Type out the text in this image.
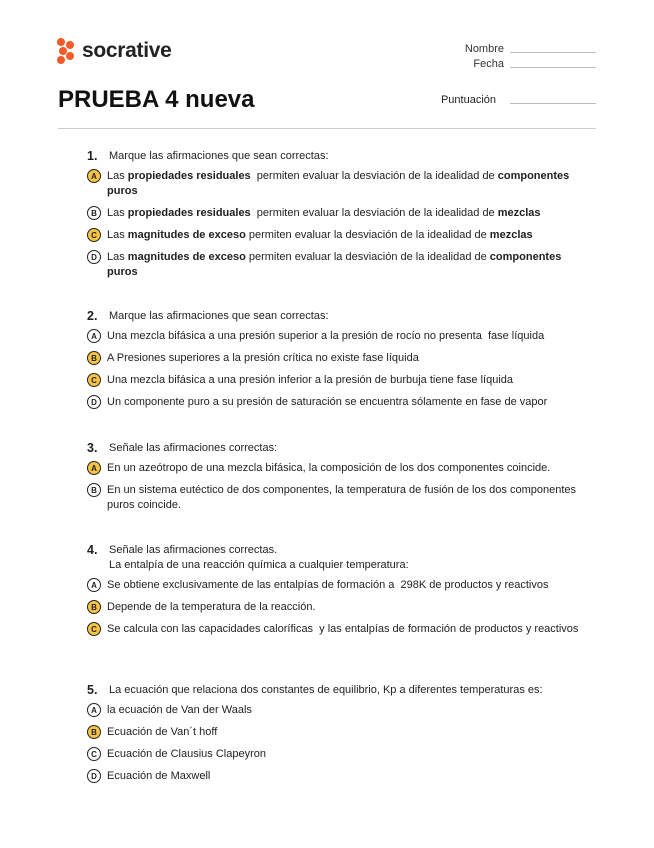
socrative	Nombre
Fecha
PRUEBA 4 nueva	Puntuación
1.	Marque las afirmaciones que sean correctas:
A Las propiedades residuales  permiten evaluar la desviación de la idealidad de componentes puros
B Las propiedades residuales  permiten evaluar la desviación de la idealidad de mezclas
C Las magnitudes de exceso permiten evaluar la desviación de la idealidad de mezclas
D Las magnitudes de exceso permiten evaluar la desviación de la idealidad de componentes puros
2.	Marque las afirmaciones que sean correctas:
A Una mezcla bifásica a una presión superior a la presión de rocío no presenta  fase líquida
B A Presiones superiores a la presión crítica no existe fase líquida
C Una mezcla bifásica a una presión inferior a la presión de burbuja tiene fase líquida
D Un componente puro a su presión de saturación se encuentra sólamente en fase de vapor
3.	Señale las afirmaciones correctas:
A En un azeótropo de una mezcla bifásica, la composición de los dos componentes coincide.
B En un sistema eutéctico de dos componentes, la temperatura de fusión de los dos componentes puros coincide.
4.	Señale las afirmaciones correctas.
La entalpía de una reacción química a cualquier temperatura:
A Se obtiene exclusivamente de las entalpías de formación a  298K de productos y reactivos
B Depende de la temperatura de la reacción.
C Se calcula con las capacidades caloríficas  y las entalpías de formación de productos y reactivos
5.	La ecuación que relaciona dos constantes de equilibrio, Kp a diferentes temperaturas es:
A la ecuación de Van der Waals
B Ecuación de Van´t hoff
C Ecuación de Clausius Clapeyron
D Ecuación de Maxwell
